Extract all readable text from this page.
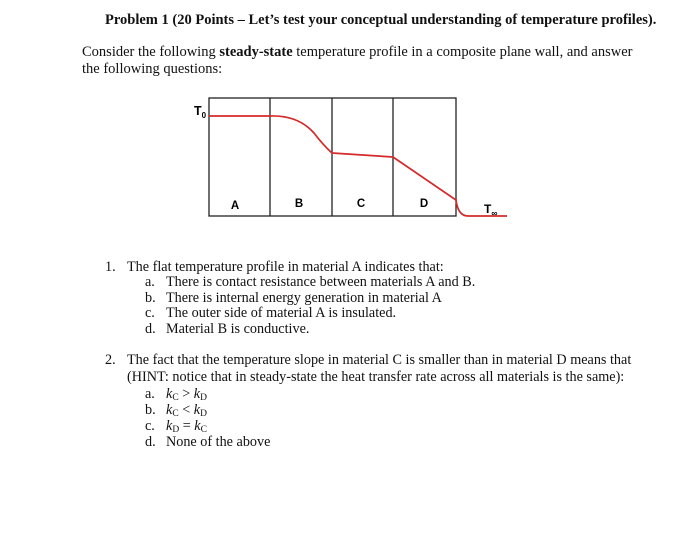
Problem 1 (20 Points – Let’s test your conceptual understanding of temperature profiles).
Consider the following steady-state temperature profile in a composite plane wall, and answer the following questions:
$T_0$
$T_\infty$
A	B	C	D
1. The flat temperature profile in material A indicates that:
a. There is contact resistance between materials A and B.
b. There is internal energy generation in material A
c. The outer side of material A is insulated.
d. Material B is conductive.
2. The fact that the temperature slope in material C is smaller than in material D means that
(HINT: notice that in steady-state the heat transfer rate across all materials is the same):
a. $k_C > k_D$
b. $k_C < k_D$
c. $k_D = k_C$
d. None of the above
